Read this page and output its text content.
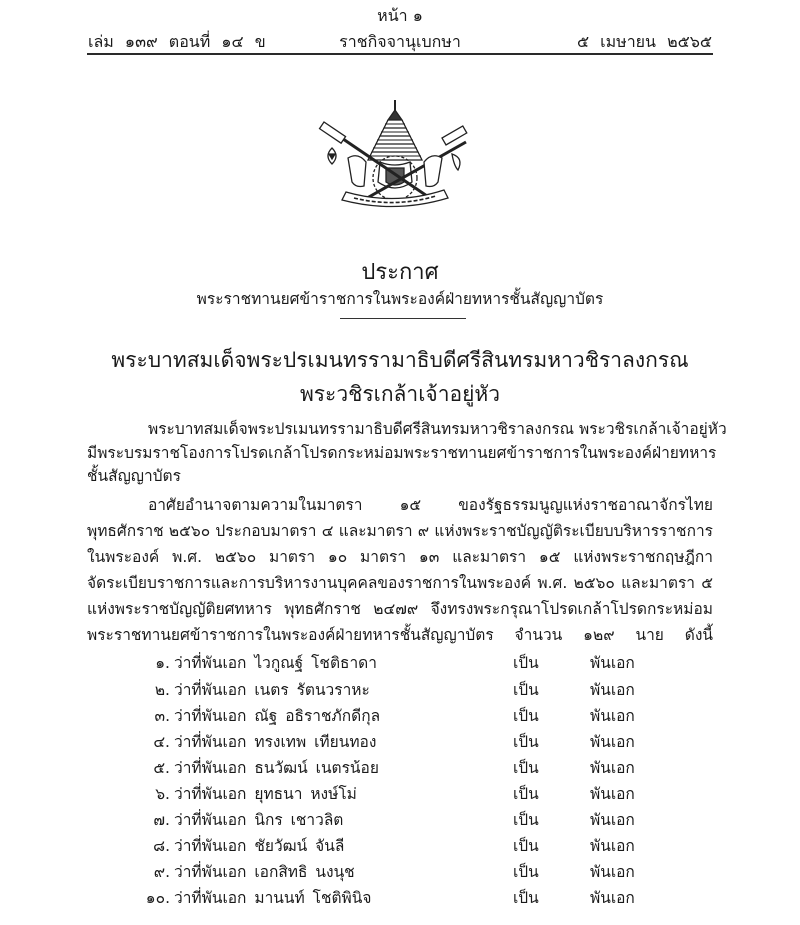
หน้า ๑
เล่ม ๑๓๙ ตอนที่ ๑๔ ข	ราชกิจจานุเบกษา	๕ เมษายน ๒๕๖๕
ประกาศ
พระราชทานยศข้าราชการในพระองค์ฝ่ายทหารชั้นสัญญาบัตร
พระบาทสมเด็จพระปรเมนทรรามาธิบดีศรีสินทรมหาวชิราลงกรณ
พระวชิรเกล้าเจ้าอยู่หัว
พระบาทสมเด็จพระปรเมนทรรามาธิบดีศรีสินทรมหาวชิราลงกรณ พระวชิรเกล้าเจ้าอยู่หัว
มีพระบรมราชโองการโปรดเกล้าโปรดกระหม่อมพระราชทานยศข้าราชการในพระองค์ฝ่ายทหาร
ชั้นสัญญาบัตร
อาศัยอำนาจตามความในมาตรา ๑๕ ของรัฐธรรมนูญแห่งราชอาณาจักรไทย
พุทธศักราช ๒๕๖๐ ประกอบมาตรา ๔ และมาตรา ๙ แห่งพระราชบัญญัติระเบียบบริหารราชการ
ในพระองค์ พ.ศ. ๒๕๖๐ มาตรา ๑๐ มาตรา ๑๓ และมาตรา ๑๕ แห่งพระราชกฤษฎีกา
จัดระเบียบราชการและการบริหารงานบุคคลของราชการในพระองค์ พ.ศ. ๒๕๖๐ และมาตรา ๕
แห่งพระราชบัญญัติยศทหาร พุทธศักราช ๒๔๗๙ จึงทรงพระกรุณาโปรดเกล้าโปรดกระหม่อม
พระราชทานยศข้าราชการในพระองค์ฝ่ายทหารชั้นสัญญาบัตร จำนวน ๑๒๙ นาย ดังนี้
๑. ว่าที่พันเอก ไวกูณฐ์ โชติธาดา	เป็น	พันเอก
๒. ว่าที่พันเอก เนตร รัตนวราหะ	เป็น	พันเอก
๓. ว่าที่พันเอก ณัฐ อธิราชภักดีกุล	เป็น	พันเอก
๔. ว่าที่พันเอก ทรงเทพ เทียนทอง	เป็น	พันเอก
๕. ว่าที่พันเอก ธนวัฒน์ เนตรน้อย	เป็น	พันเอก
๖. ว่าที่พันเอก ยุทธนา หงษ์โม่	เป็น	พันเอก
๗. ว่าที่พันเอก นิกร เชาวลิต	เป็น	พันเอก
๘. ว่าที่พันเอก ชัยวัฒน์ จันลี	เป็น	พันเอก
๙. ว่าที่พันเอก เอกสิทธิ นงนุช	เป็น	พันเอก
๑๐. ว่าที่พันเอก มานนท์ โชติพินิจ	เป็น	พันเอก
